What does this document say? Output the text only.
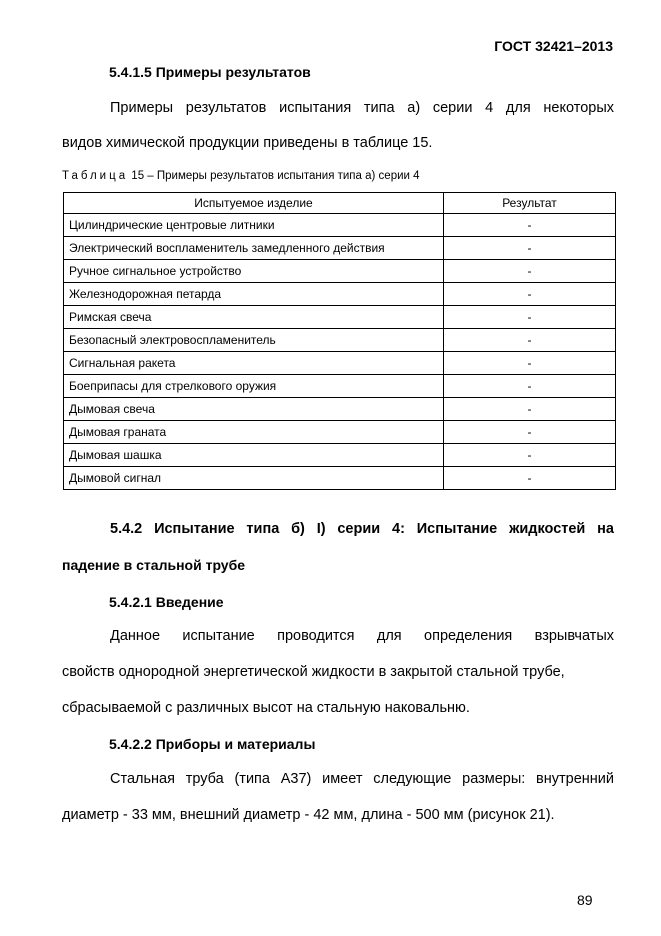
ГОСТ 32421–2013
5.4.1.5 Примеры результатов
Примеры результатов испытания типа а) серии 4 для некоторых
видов химической продукции приведены в таблице 15.
Таблица 15 – Примеры результатов испытания типа а) серии 4
Испытуемое изделие	Результат
Цилиндрические центровые литники	-
Электрический воспламенитель замедленного действия	-
Ручное сигнальное устройство	-
Железнодорожная петарда	-
Римская свеча	-
Безопасный электровоспламенитель	-
Сигнальная ракета	-
Боеприпасы для стрелкового оружия	-
Дымовая свеча	-
Дымовая граната	-
Дымовая шашка	-
Дымовой сигнал	-
5.4.2 Испытание типа б) I) серии 4: Испытание жидкостей на
падение в стальной трубе
5.4.2.1 Введение
Данное испытание проводится для определения взрывчатых
свойств однородной энергетической жидкости в закрытой стальной трубе,
сбрасываемой с различных высот на стальную наковальню.
5.4.2.2 Приборы и материалы
Стальная труба (типа А37) имеет следующие размеры: внутренний
диаметр - 33 мм, внешний диаметр - 42 мм, длина - 500 мм (рисунок 21).
89
